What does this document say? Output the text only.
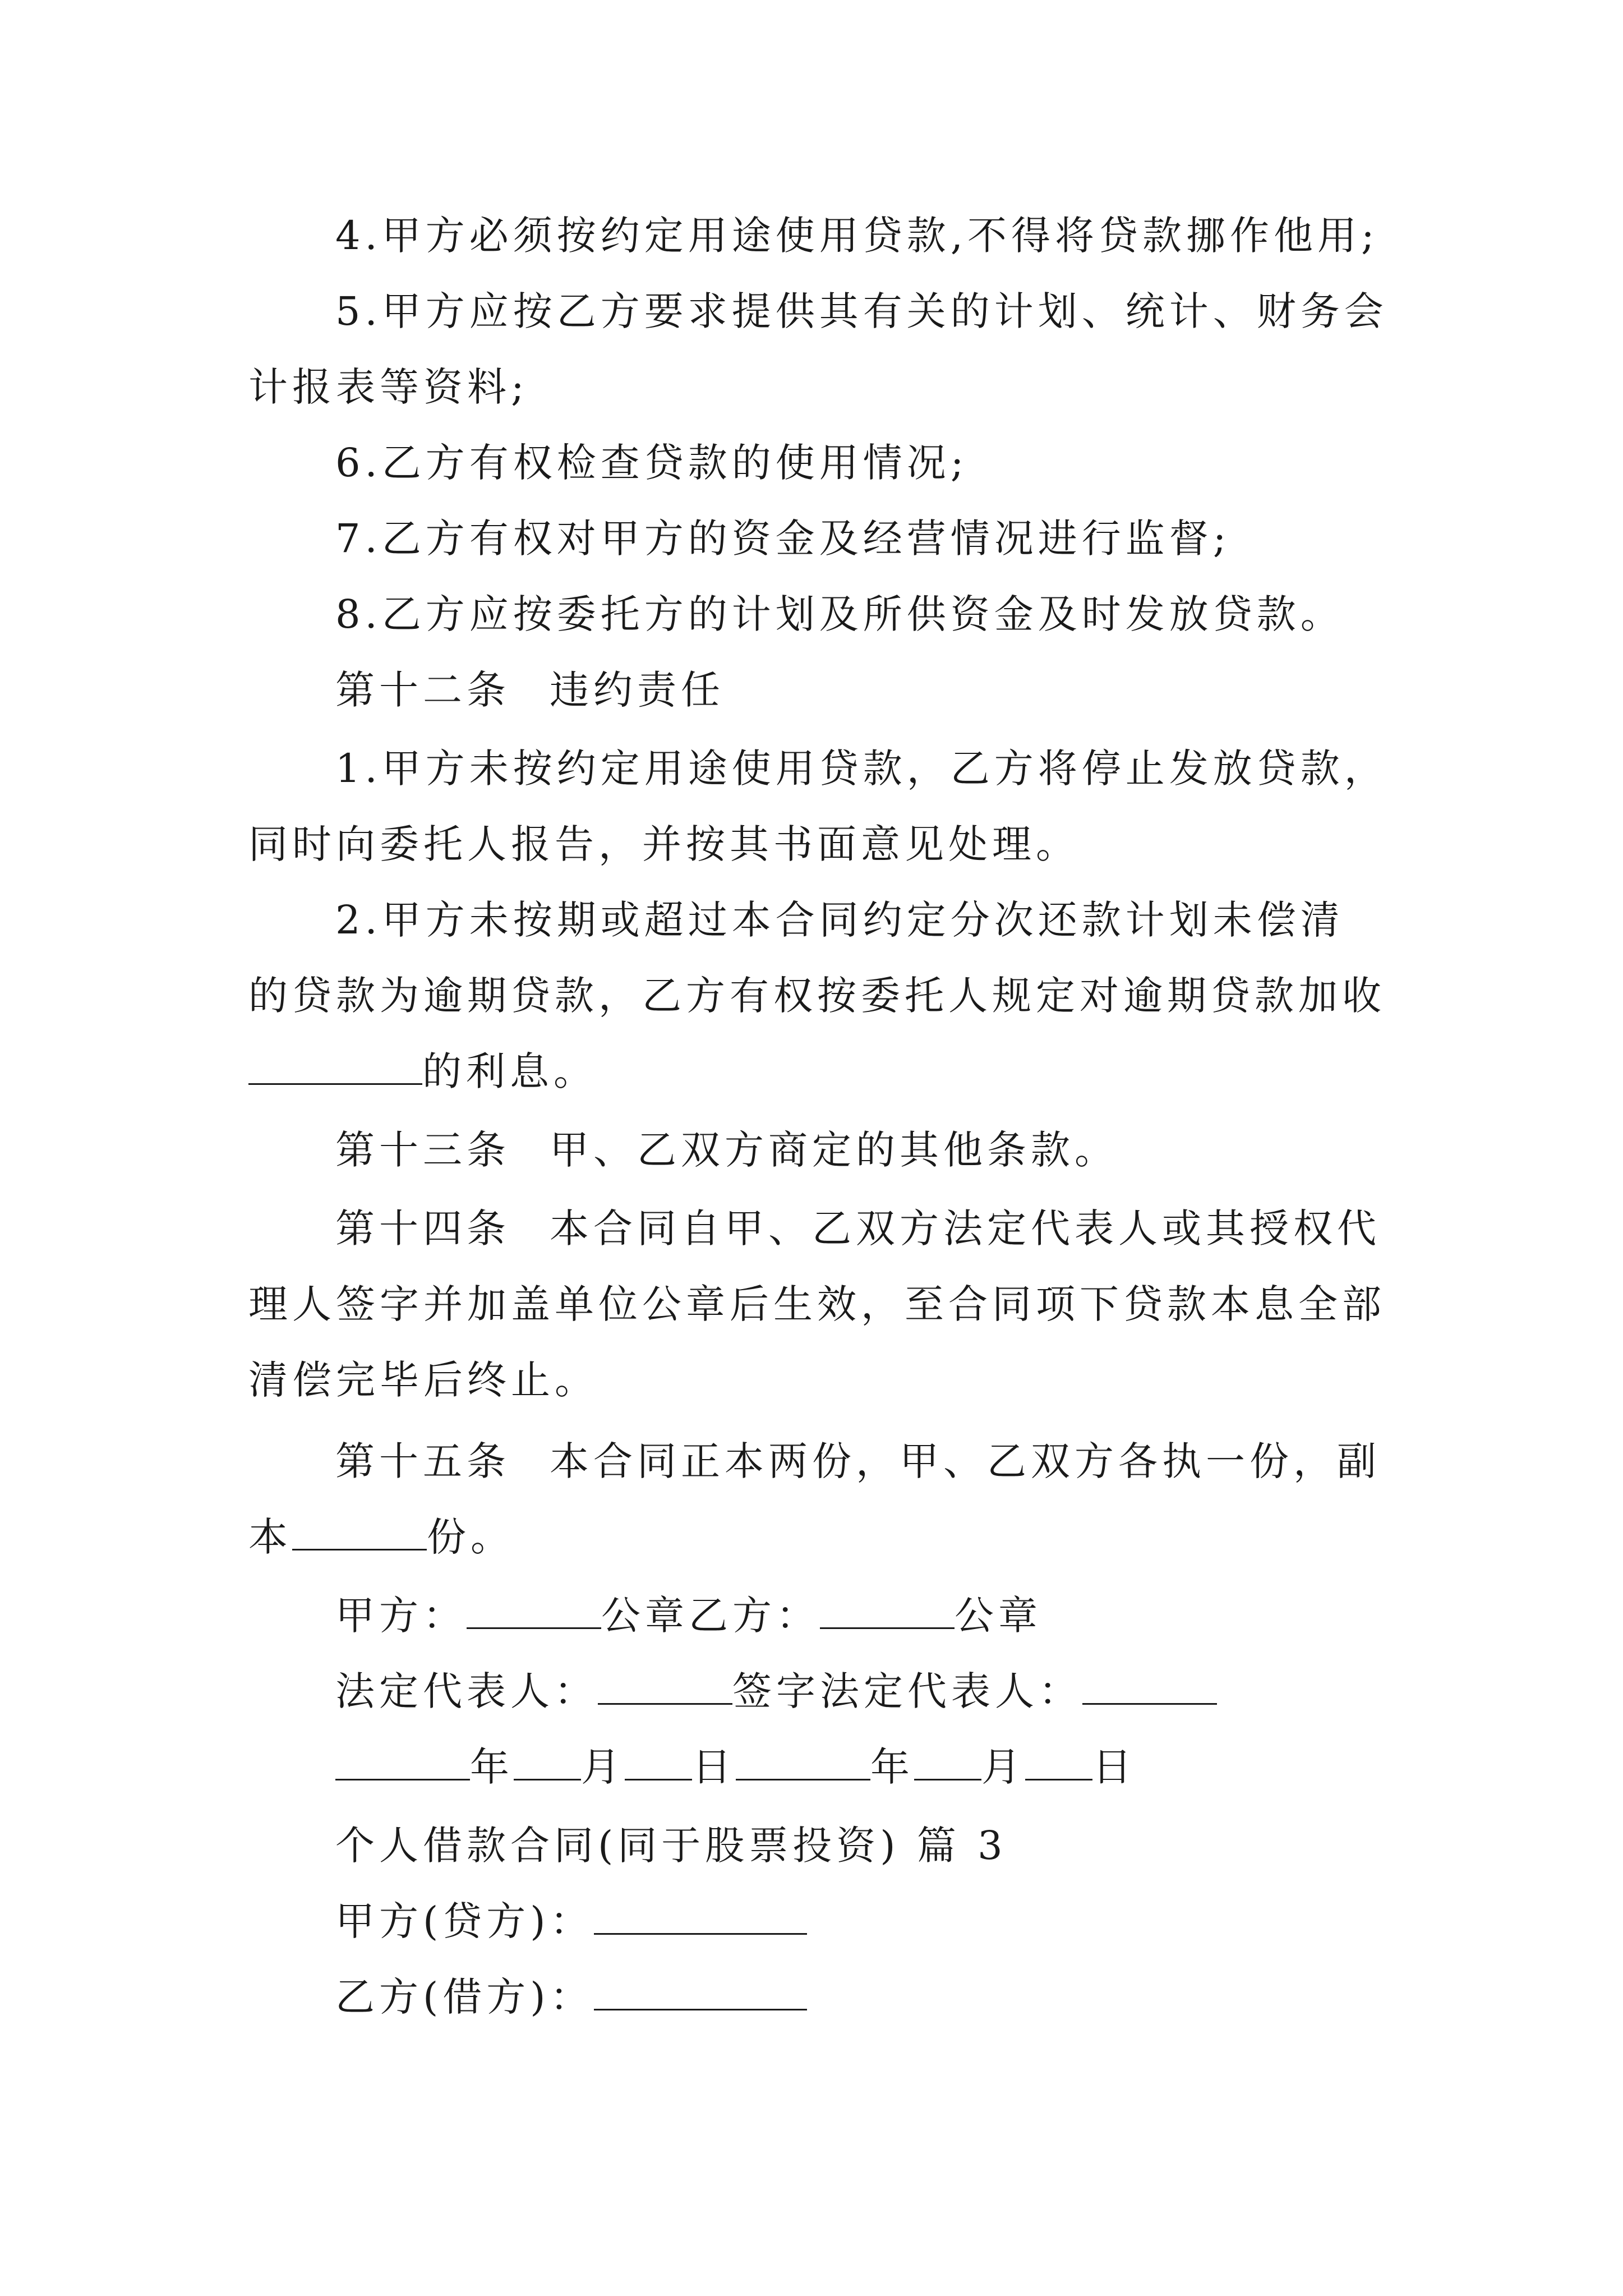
4.甲方必须按约定用途使用贷款,不得将贷款挪作他用;
5.甲方应按乙方要求提供其有关的计划、统计、财务会
计报表等资料;
6.乙方有权检查贷款的使用情况;
7.乙方有权对甲方的资金及经营情况进行监督;
8.乙方应按委托方的计划及所供资金及时发放贷款。
第十二条 违约责任
1.甲方未按约定用途使用贷款，乙方将停止发放贷款，
同时向委托人报告，并按其书面意见处理。
2.甲方未按期或超过本合同约定分次还款计划未偿清
的贷款为逾期贷款，乙方有权按委托人规定对逾期贷款加收
的利息。
第十三条 甲、乙双方商定的其他条款。
第十四条 本合同自甲、乙双方法定代表人或其授权代
理人签字并加盖单位公章后生效，至合同项下贷款本息全部
清偿完毕后终止。
第十五条 本合同正本两份，甲、乙双方各执一份，副
本	份。
甲方：	公章乙方：	公章
法定代表人：	签字法定代表人：
年 月 日	年 月 日
个人借款合同(同于股票投资) 篇 3
甲方(贷方)：
乙方(借方)：
